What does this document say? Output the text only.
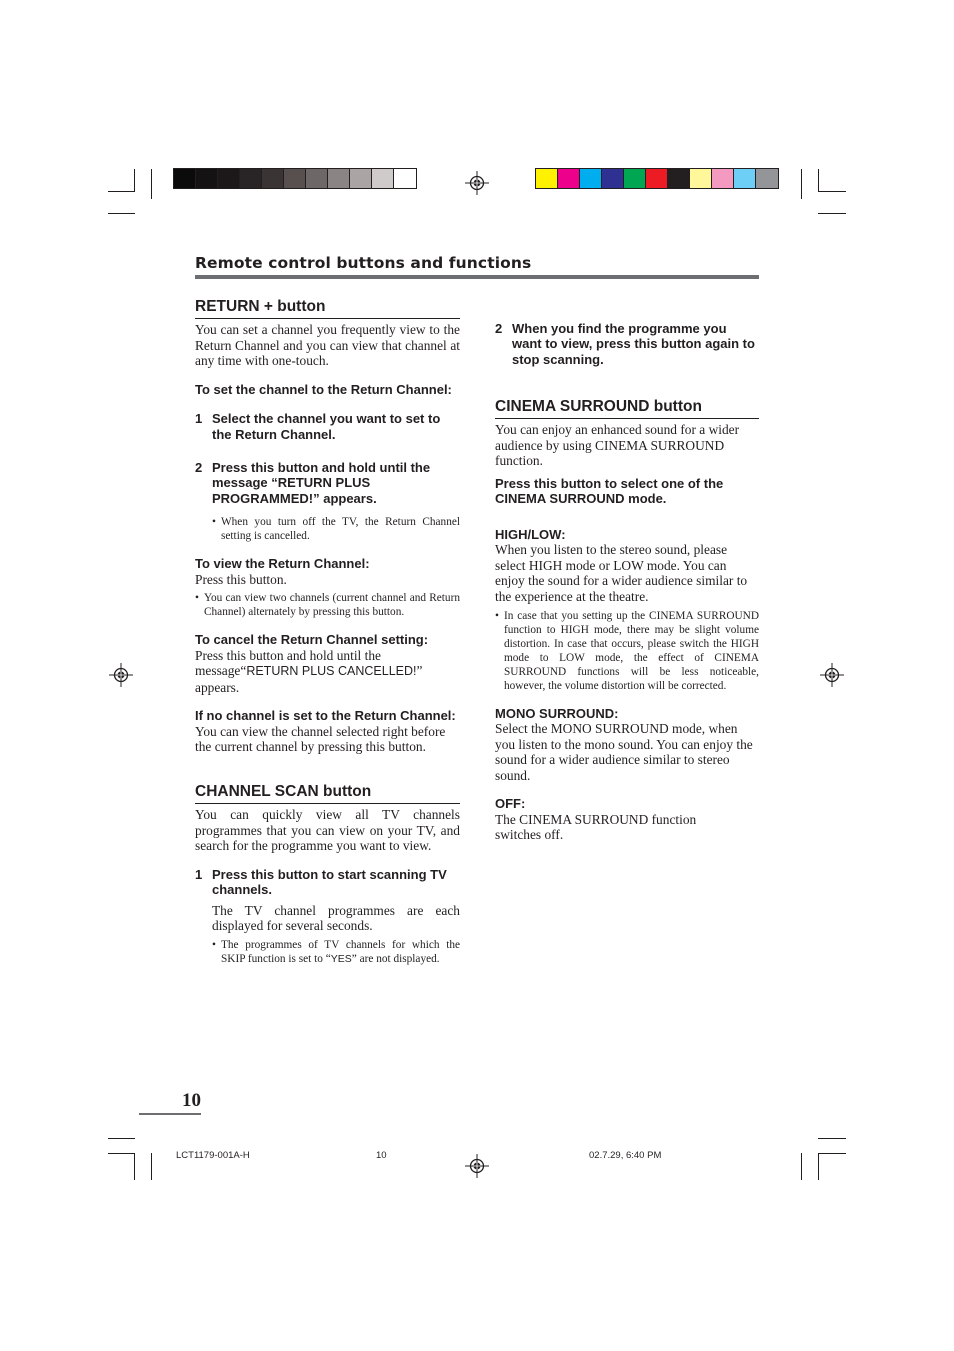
Remote control buttons and functions
RETURN + button

You can set a channel you frequently view to the Return Channel and you can view that channel at any time with one-touch.

To set the channel to the Return Channel:

1 Select the channel you want to set to the Return Channel.
2 Press this button and hold until the message “RETURN PLUS PROGRAMMED!” appears.
• When you turn off the TV, the Return Channel setting is cancelled.

To view the Return Channel:

Press this button.

• You can view two channels (current channel and Return Channel) alternately by pressing this button.

To cancel the Return Channel setting:

Press this button and hold until the message“RETURN PLUS CANCELLED!” appears.

If no channel is set to the Return Channel:

You can view the channel selected right before the current channel by pressing this button.

CHANNEL SCAN button

You can quickly view all TV channels programmes that you can view on your TV, and search for the programme you want to view.

1 Press this button to start scanning TV channels.

The TV channel programmes are each displayed for several seconds.

• The programmes of TV channels for which the SKIP function is set to “YES” are not displayed.
2 When you find the programme you want to view, press this button again to stop scanning.
CINEMA SURROUND button

You can enjoy an enhanced sound for a wider audience by using CINEMA SURROUND function.

Press this button to select one of the CINEMA SURROUND mode.

HIGH/LOW:

When you listen to the stereo sound, please select HIGH mode or LOW mode. You can enjoy the sound for a wider audience similar to the experience at the theatre.

• In case that you setting up the CINEMA SURROUND function to HIGH mode, there may be slight volume distortion. In case that occurs, please switch the HIGH mode to LOW mode, the effect of CINEMA SURROUND functions will be less noticeable, however, the volume distortion will be corrected.

MONO SURROUND:

Select the MONO SURROUND mode, when you listen to the mono sound. You can enjoy the sound for a wider audience similar to stereo sound.

OFF:

The CINEMA SURROUND function switches off.

10
LCT1179-001A-H	10	02.7.29, 6:40 PM
